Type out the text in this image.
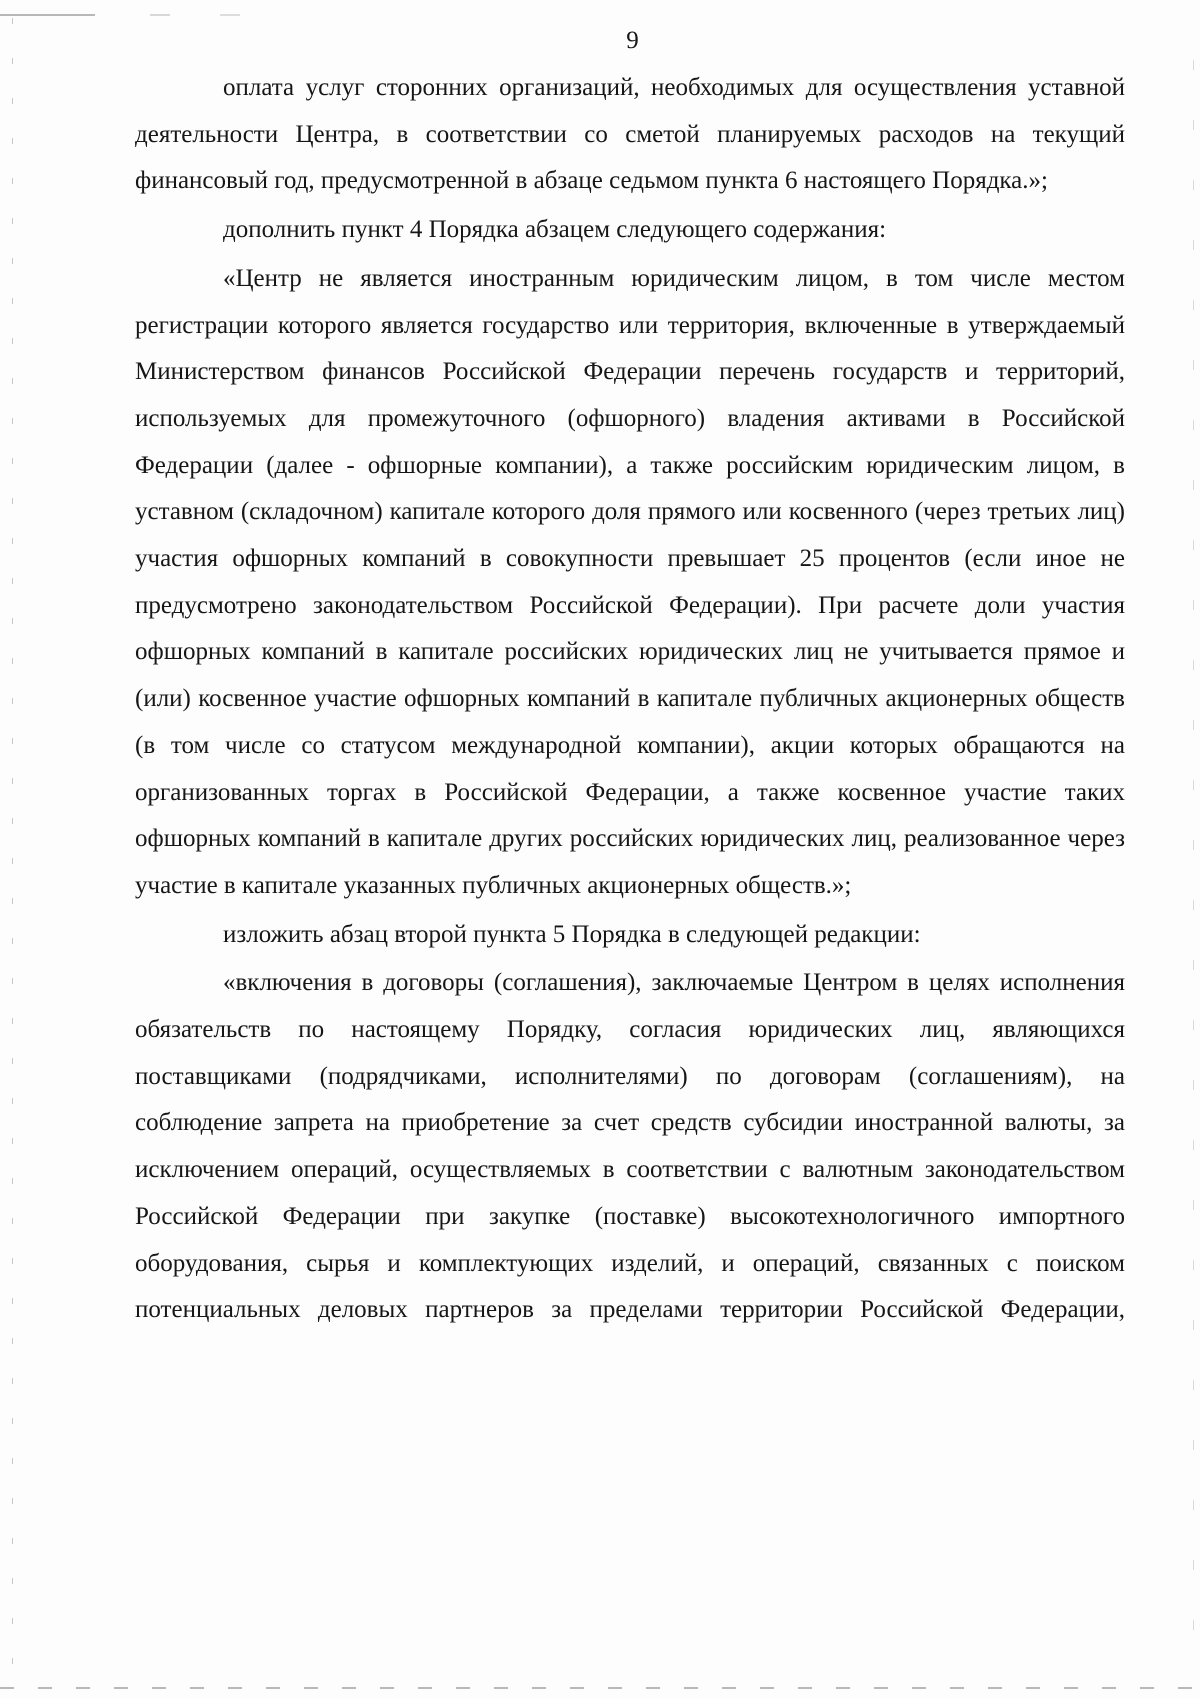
9

оплата услуг сторонних организаций, необходимых для осуществления уставной деятельности Центра, в соответствии со сметой планируемых расходов на текущий финансовый год, предусмотренной в абзаце седьмом пункта 6 настоящего Порядка.»;

дополнить пункт 4 Порядка абзацем следующего содержания:

«Центр не является иностранным юридическим лицом, в том числе местом регистрации которого является государство или территория, включенные в утверждаемый Министерством финансов Российской Федерации перечень государств и территорий, используемых для промежуточного (офшорного) владения активами в Российской Федерации (далее - офшорные компании), а также российским юридическим лицом, в уставном (складочном) капитале которого доля прямого или косвенного (через третьих лиц) участия офшорных компаний в совокупности превышает 25 процентов (если иное не предусмотрено законодательством Российской Федерации). При расчете доли участия офшорных компаний в капитале российских юридических лиц не учитывается прямое и (или) косвенное участие офшорных компаний в капитале публичных акционерных обществ (в том числе со статусом международной компании), акции которых обращаются на организованных торгах в Российской Федерации, а также косвенное участие таких офшорных компаний в капитале других российских юридических лиц, реализованное через участие в капитале указанных публичных акционерных обществ.»;

изложить абзац второй пункта 5 Порядка в следующей редакции:

«включения в договоры (соглашения), заключаемые Центром в целях исполнения обязательств по настоящему Порядку, согласия юридических лиц, являющихся поставщиками (подрядчиками, исполнителями) по договорам (соглашениям), на соблюдение запрета на приобретение за счет средств субсидии иностранной валюты, за исключением операций, осуществляемых в соответствии с валютным законодательством Российской Федерации при закупке (поставке) высокотехнологичного импортного оборудования, сырья и комплектующих изделий, и операций, связанных с поиском потенциальных деловых партнеров за пределами территории Российской Федерации,
